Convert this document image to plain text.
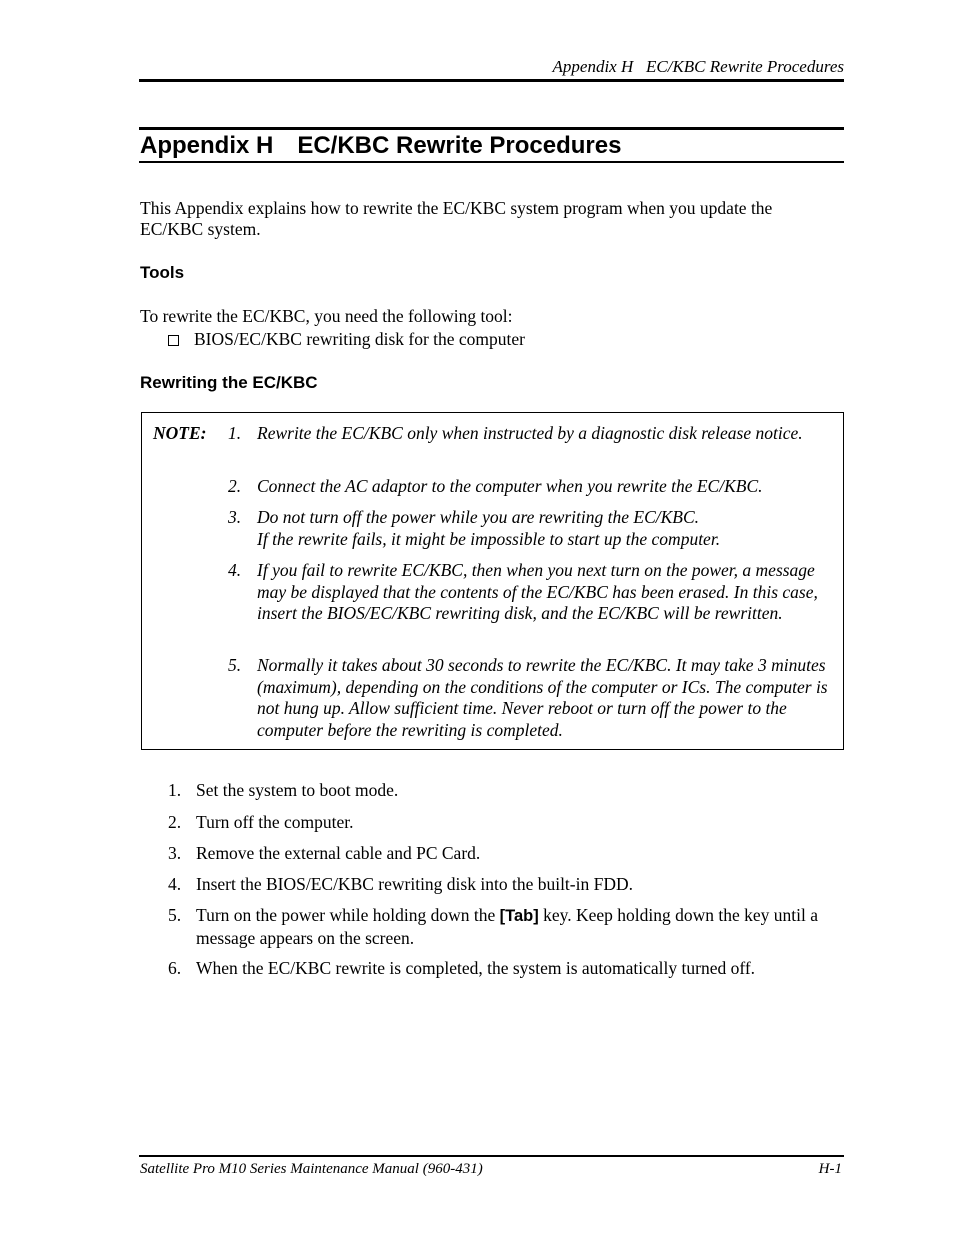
Appendix H   EC/KBC Rewrite Procedures
Appendix H EC/KBC Rewrite Procedures
This Appendix explains how to rewrite the EC/KBC system program when you update the EC/KBC system.
Tools
To rewrite the EC/KBC, you need the following tool:
BIOS/EC/KBC rewriting disk for the computer
Rewriting the EC/KBC
NOTE: 1. Rewrite the EC/KBC only when instructed by a diagnostic disk release notice.
2. Connect the AC adaptor to the computer when you rewrite the EC/KBC.
3. Do not turn off the power while you are rewriting the EC/KBC.
If the rewrite fails, it might be impossible to start up the computer.
4. If you fail to rewrite EC/KBC, then when you next turn on the power, a message may be displayed that the contents of the EC/KBC has been erased. In this case, insert the BIOS/EC/KBC rewriting disk, and the EC/KBC will be rewritten.
5. Normally it takes about 30 seconds to rewrite the EC/KBC. It may take 3 minutes (maximum), depending on the conditions of the computer or ICs. The computer is not hung up. Allow sufficient time. Never reboot or turn off the power to the computer before the rewriting is completed.
1. Set the system to boot mode.
2. Turn off the computer.
3. Remove the external cable and PC Card.
4. Insert the BIOS/EC/KBC rewriting disk into the built-in FDD.
5. Turn on the power while holding down the [Tab] key. Keep holding down the key until a message appears on the screen.
6. When the EC/KBC rewrite is completed, the system is automatically turned off.
Satellite Pro M10 Series Maintenance Manual (960-431)	H-1
